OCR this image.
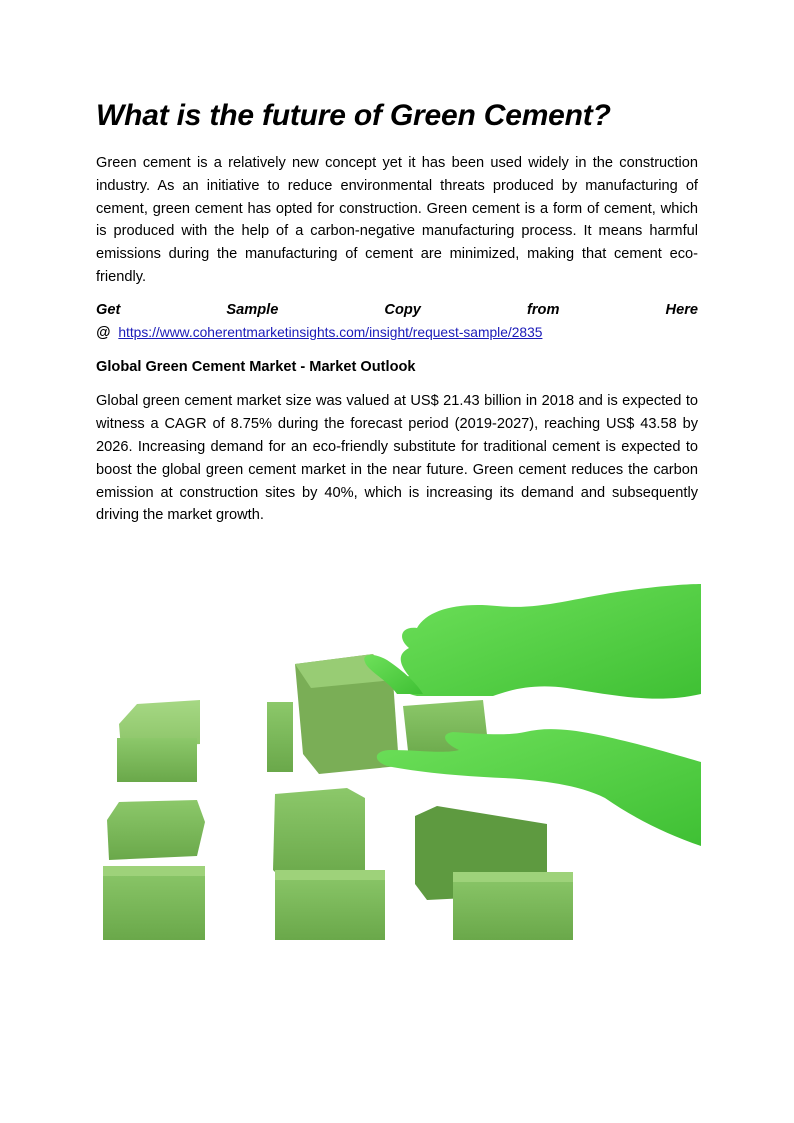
What is the future of Green Cement?

Green cement is a relatively new concept yet it has been used widely in the construction industry. As an initiative to reduce environmental threats produced by manufacturing of cement, green cement has opted for construction. Green cement is a form of cement, which is produced with the help of a carbon-negative manufacturing process. It means harmful emissions during the manufacturing of cement are minimized, making that cement eco-friendly.

Get Sample Copy from Here @ https://www.coherentmarketinsights.com/insight/request-sample/2835

Global Green Cement Market - Market Outlook

Global green cement market size was valued at US$ 21.43 billion in 2018 and is expected to witness a CAGR of 8.75% during the forecast period (2019-2027), reaching US$ 43.58 by 2026. Increasing demand for an eco-friendly substitute for traditional cement is expected to boost the global green cement market in the near future. Green cement reduces the carbon emission at construction sites by 40%, which is increasing its demand and subsequently driving the market growth.
